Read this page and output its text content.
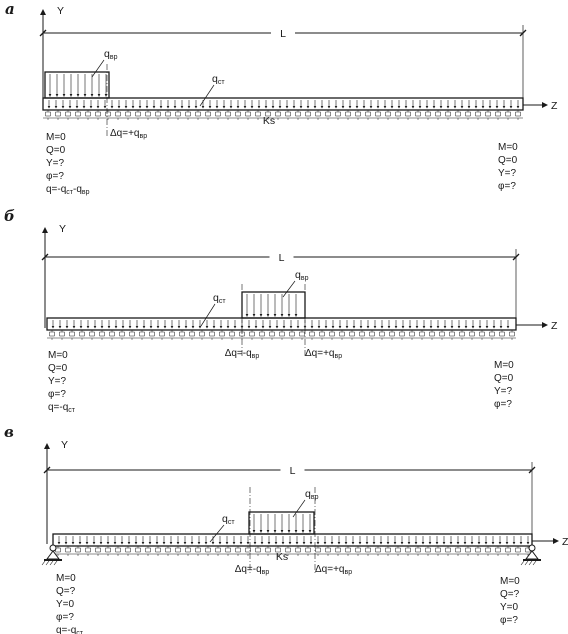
а	Y
L
Z
Ks
qвр
qст
$\Delta q=+q_{вр}$
M=0
Q=0
Y=?
φ=?
$q=-q_{ст}-q_{вр}$
M=0
Q=0
Y=?
φ=?
б
Y
L
Z
qвр
qст
$\Delta q=-q_{вр}$	$\Delta q=+q_{вр}$
M=0
Q=0
Y=?
φ=?
$q=-q_{ст}$
M=0
Q=0
Y=?
φ=?
в
Y
L
Z
Ks
qвр
qст
$\Delta q=-q_{вр}$	$\Delta q=+q_{вр}$
M=0
Q=?
Y=0
φ=?
$q=-q_{ст}$
M=0
Q=?
Y=0
φ=?
